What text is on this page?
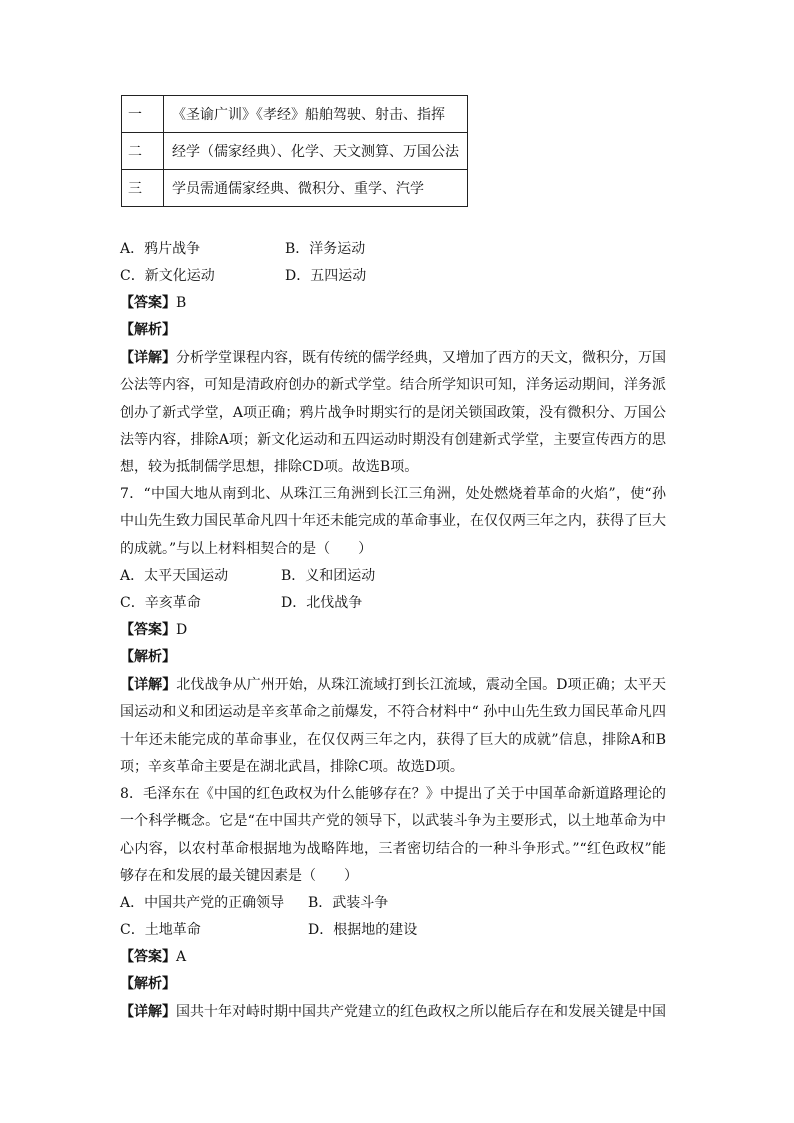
一	《圣谕广训》《孝经》船舶驾驶、射击、指挥
二	经学（儒家经典）、化学、天文测算、万国公法
三	学员需通儒家经典、微积分、重学、汽学
A．鸦片战争	B．洋务运动
C．新文化运动	D．五四运动
【答案】B
【解析】
【详解】分析学堂课程内容，既有传统的儒学经典，又增加了西方的天文，微积分，万国公法等内容，可知是清政府创办的新式学堂。结合所学知识可知，洋务运动期间，洋务派创办了新式学堂，A项正确；鸦片战争时期实行的是闭关锁国政策，没有微积分、万国公法等内容，排除A项；新文化运动和五四运动时期没有创建新式学堂，主要宣传西方的思想，较为抵制儒学思想，排除CD项。故选B项。
7．“中国大地从南到北、从珠江三角洲到长江三角洲，处处燃烧着革命的火焰”，使“孙中山先生致力国民革命凡四十年还未能完成的革命事业，在仅仅两三年之内，获得了巨大的成就。”与以上材料相契合的是（　　）
A．太平天国运动	B．义和团运动
C．辛亥革命	D．北伐战争
【答案】D
【解析】
【详解】北伐战争从广州开始，从珠江流域打到长江流域，震动全国。D项正确；太平天国运动和义和团运动是辛亥革命之前爆发，不符合材料中“ 孙中山先生致力国民革命凡四十年还未能完成的革命事业，在仅仅两三年之内，获得了巨大的成就”信息，排除A和B项；辛亥革命主要是在湖北武昌，排除C项。故选D项。
8．毛泽东在《中国的红色政权为什么能够存在？》中提出了关于中国革命新道路理论的一个科学概念。它是“在中国共产党的领导下，以武装斗争为主要形式，以土地革命为中心内容，以农村革命根据地为战略阵地，三者密切结合的一种斗争形式。”“红色政权”能够存在和发展的最关键因素是（　　）
A．中国共产党的正确领导 B．武装斗争
C．土地革命	D．根据地的建设
【答案】A
【解析】
【详解】国共十年对峙时期中国共产党建立的红色政权之所以能后存在和发展关键是中国
